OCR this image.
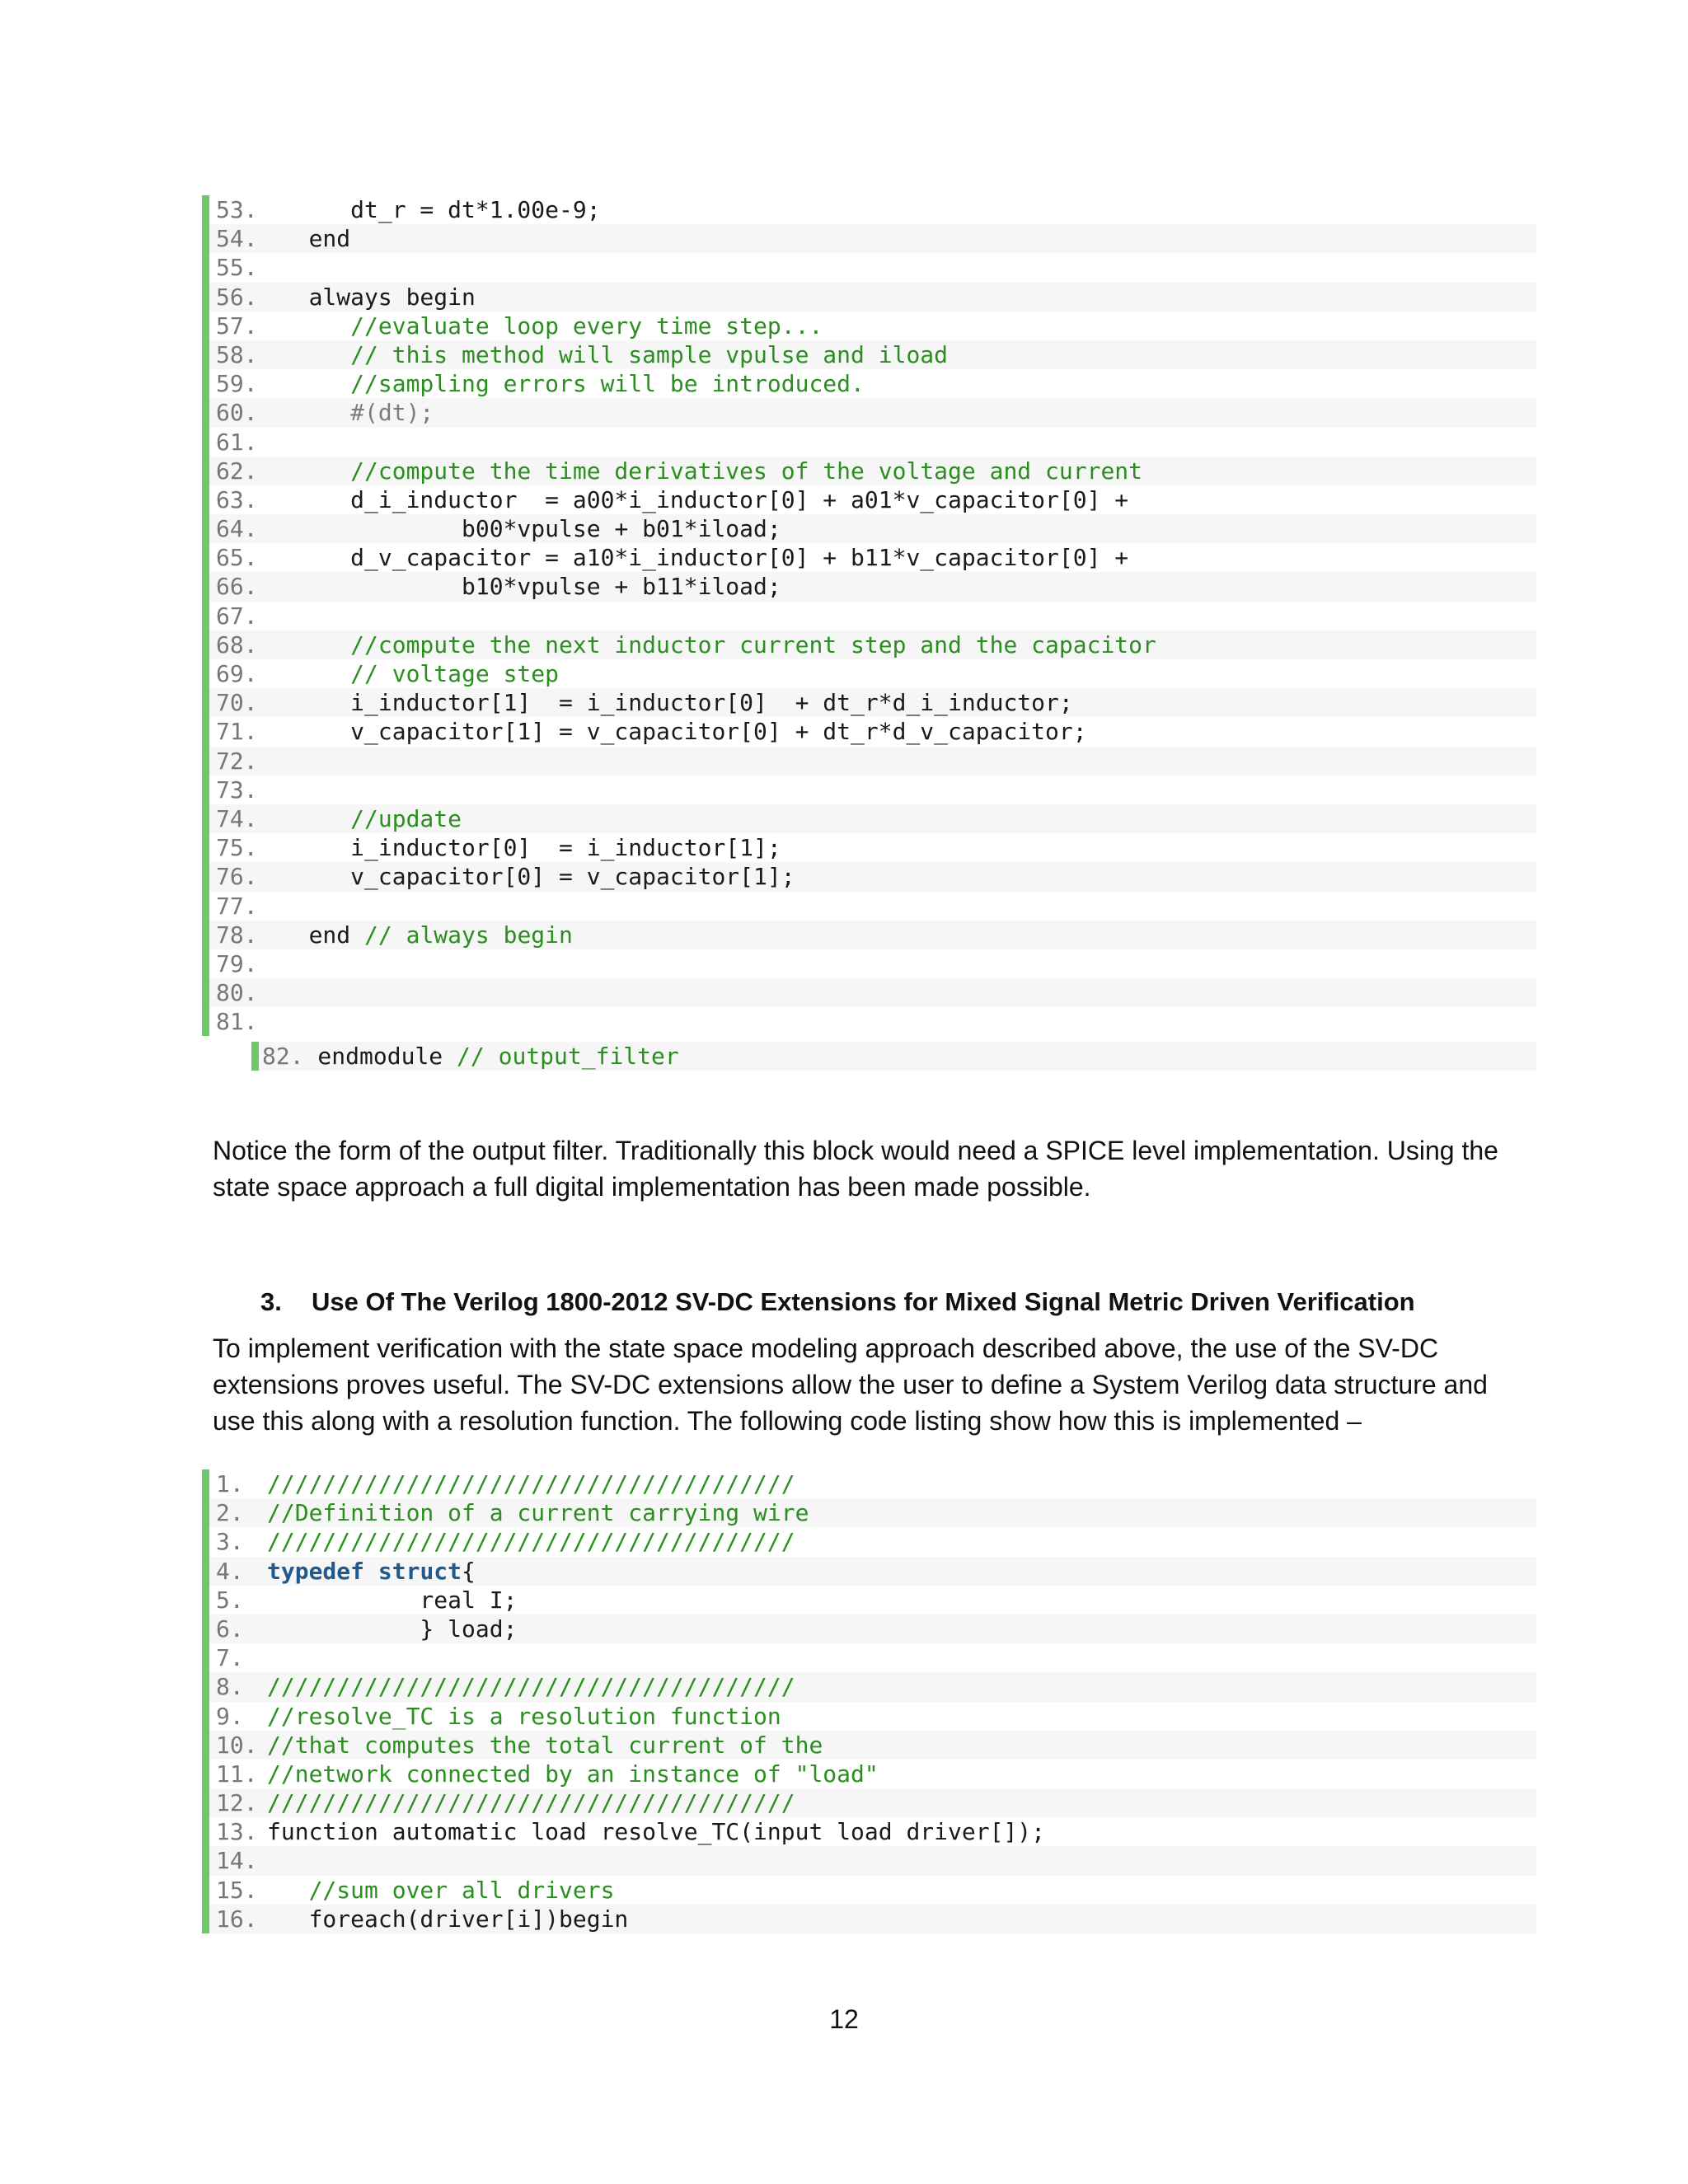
53.      dt_r = dt*1.00e-9;
54.   end
55.
56.   always begin
57.      //evaluate loop every time step...
58.      // this method will sample vpulse and iload
59.      //sampling errors will be introduced.
60.      #(dt);
61.
62.      //compute the time derivatives of the voltage and current
63.      d_i_inductor  = a00*i_inductor[0] + a01*v_capacitor[0] +
64.              b00*vpulse + b01*iload;
65.      d_v_capacitor = a10*i_inductor[0] + b11*v_capacitor[0] +
66.              b10*vpulse + b11*iload;
67.
68.      //compute the next inductor current step and the capacitor
69.      // voltage step
70.      i_inductor[1]  = i_inductor[0]  + dt_r*d_i_inductor;
71.      v_capacitor[1] = v_capacitor[0] + dt_r*d_v_capacitor;
72.
73.
74.      //update
75.      i_inductor[0]  = i_inductor[1];
76.      v_capacitor[0] = v_capacitor[1];
77.
78.   end // always begin
79.
80.
81.
82. endmodule // output_filter

Notice the form of the output filter. Traditionally this block would need a SPICE level implementation. Using the state space approach a full digital implementation has been made possible.

3. Use Of The Verilog 1800-2012 SV-DC Extensions for Mixed Signal Metric Driven Verification

To implement verification with the state space modeling approach described above, the use of the SV-DC extensions proves useful. The SV-DC extensions allow the user to define a System Verilog data structure and use this along with a resolution function. The following code listing show how this is implemented –

1. //////////////////////////////////////
2. //Definition of a current carrying wire
3. //////////////////////////////////////
4. typedef struct{
5.           real I;
6.           } load;
7.
8. //////////////////////////////////////
9. //resolve_TC is a resolution function
10. //that computes the total current of the
11. //network connected by an instance of "load"
12. //////////////////////////////////////
13. function automatic load resolve_TC(input load driver[]);
14.
15.   //sum over all drivers
16.   foreach(driver[i])begin
12
